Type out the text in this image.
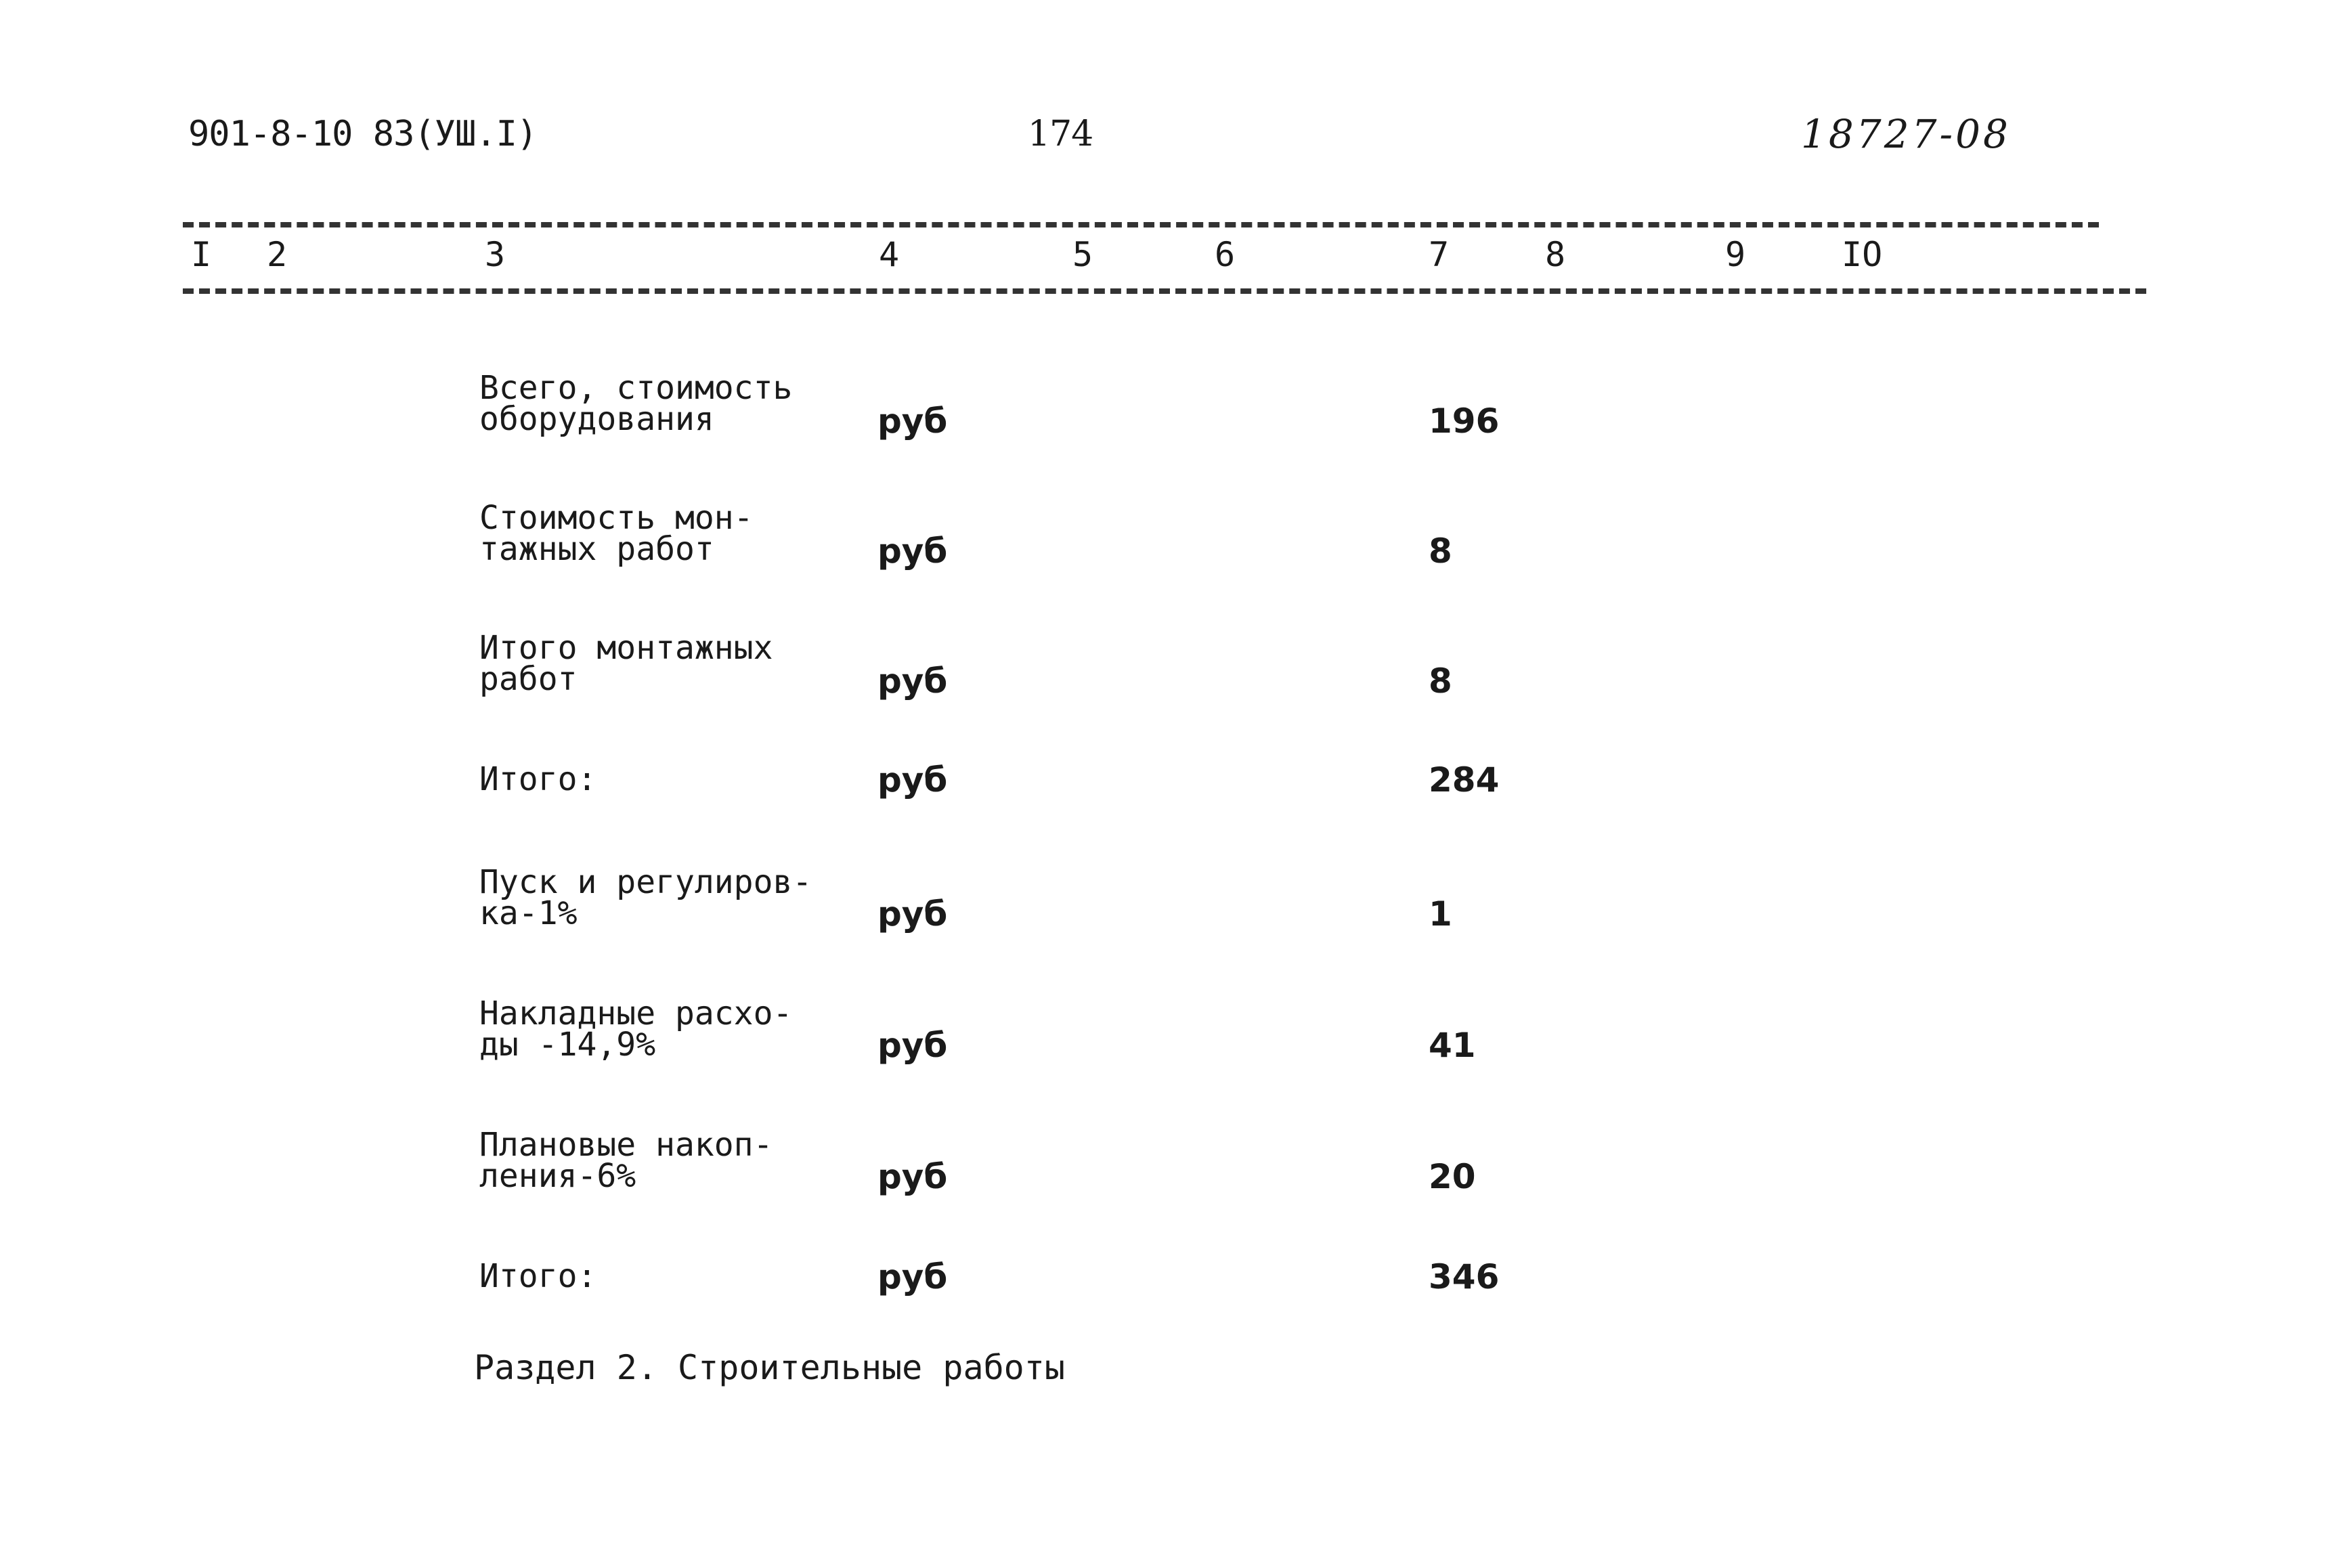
901-8-10 83(УШ.I)	174	18727-08
I 2	3	4	5	6	7	8	9	IO
Всего, стоимость
оборудования	руб	196
Стоимость мон-
тажных работ	руб	8
Итого монтажных
работ	руб	8
Итого:	руб	284
Пуск и регулиров-
ка-1%	руб	1
Накладные расхо-
ды -14,9%	руб	41
Плановые накоп-
ления-6%	руб	20
Итого:	руб	346
Раздел 2. Строительные работы
